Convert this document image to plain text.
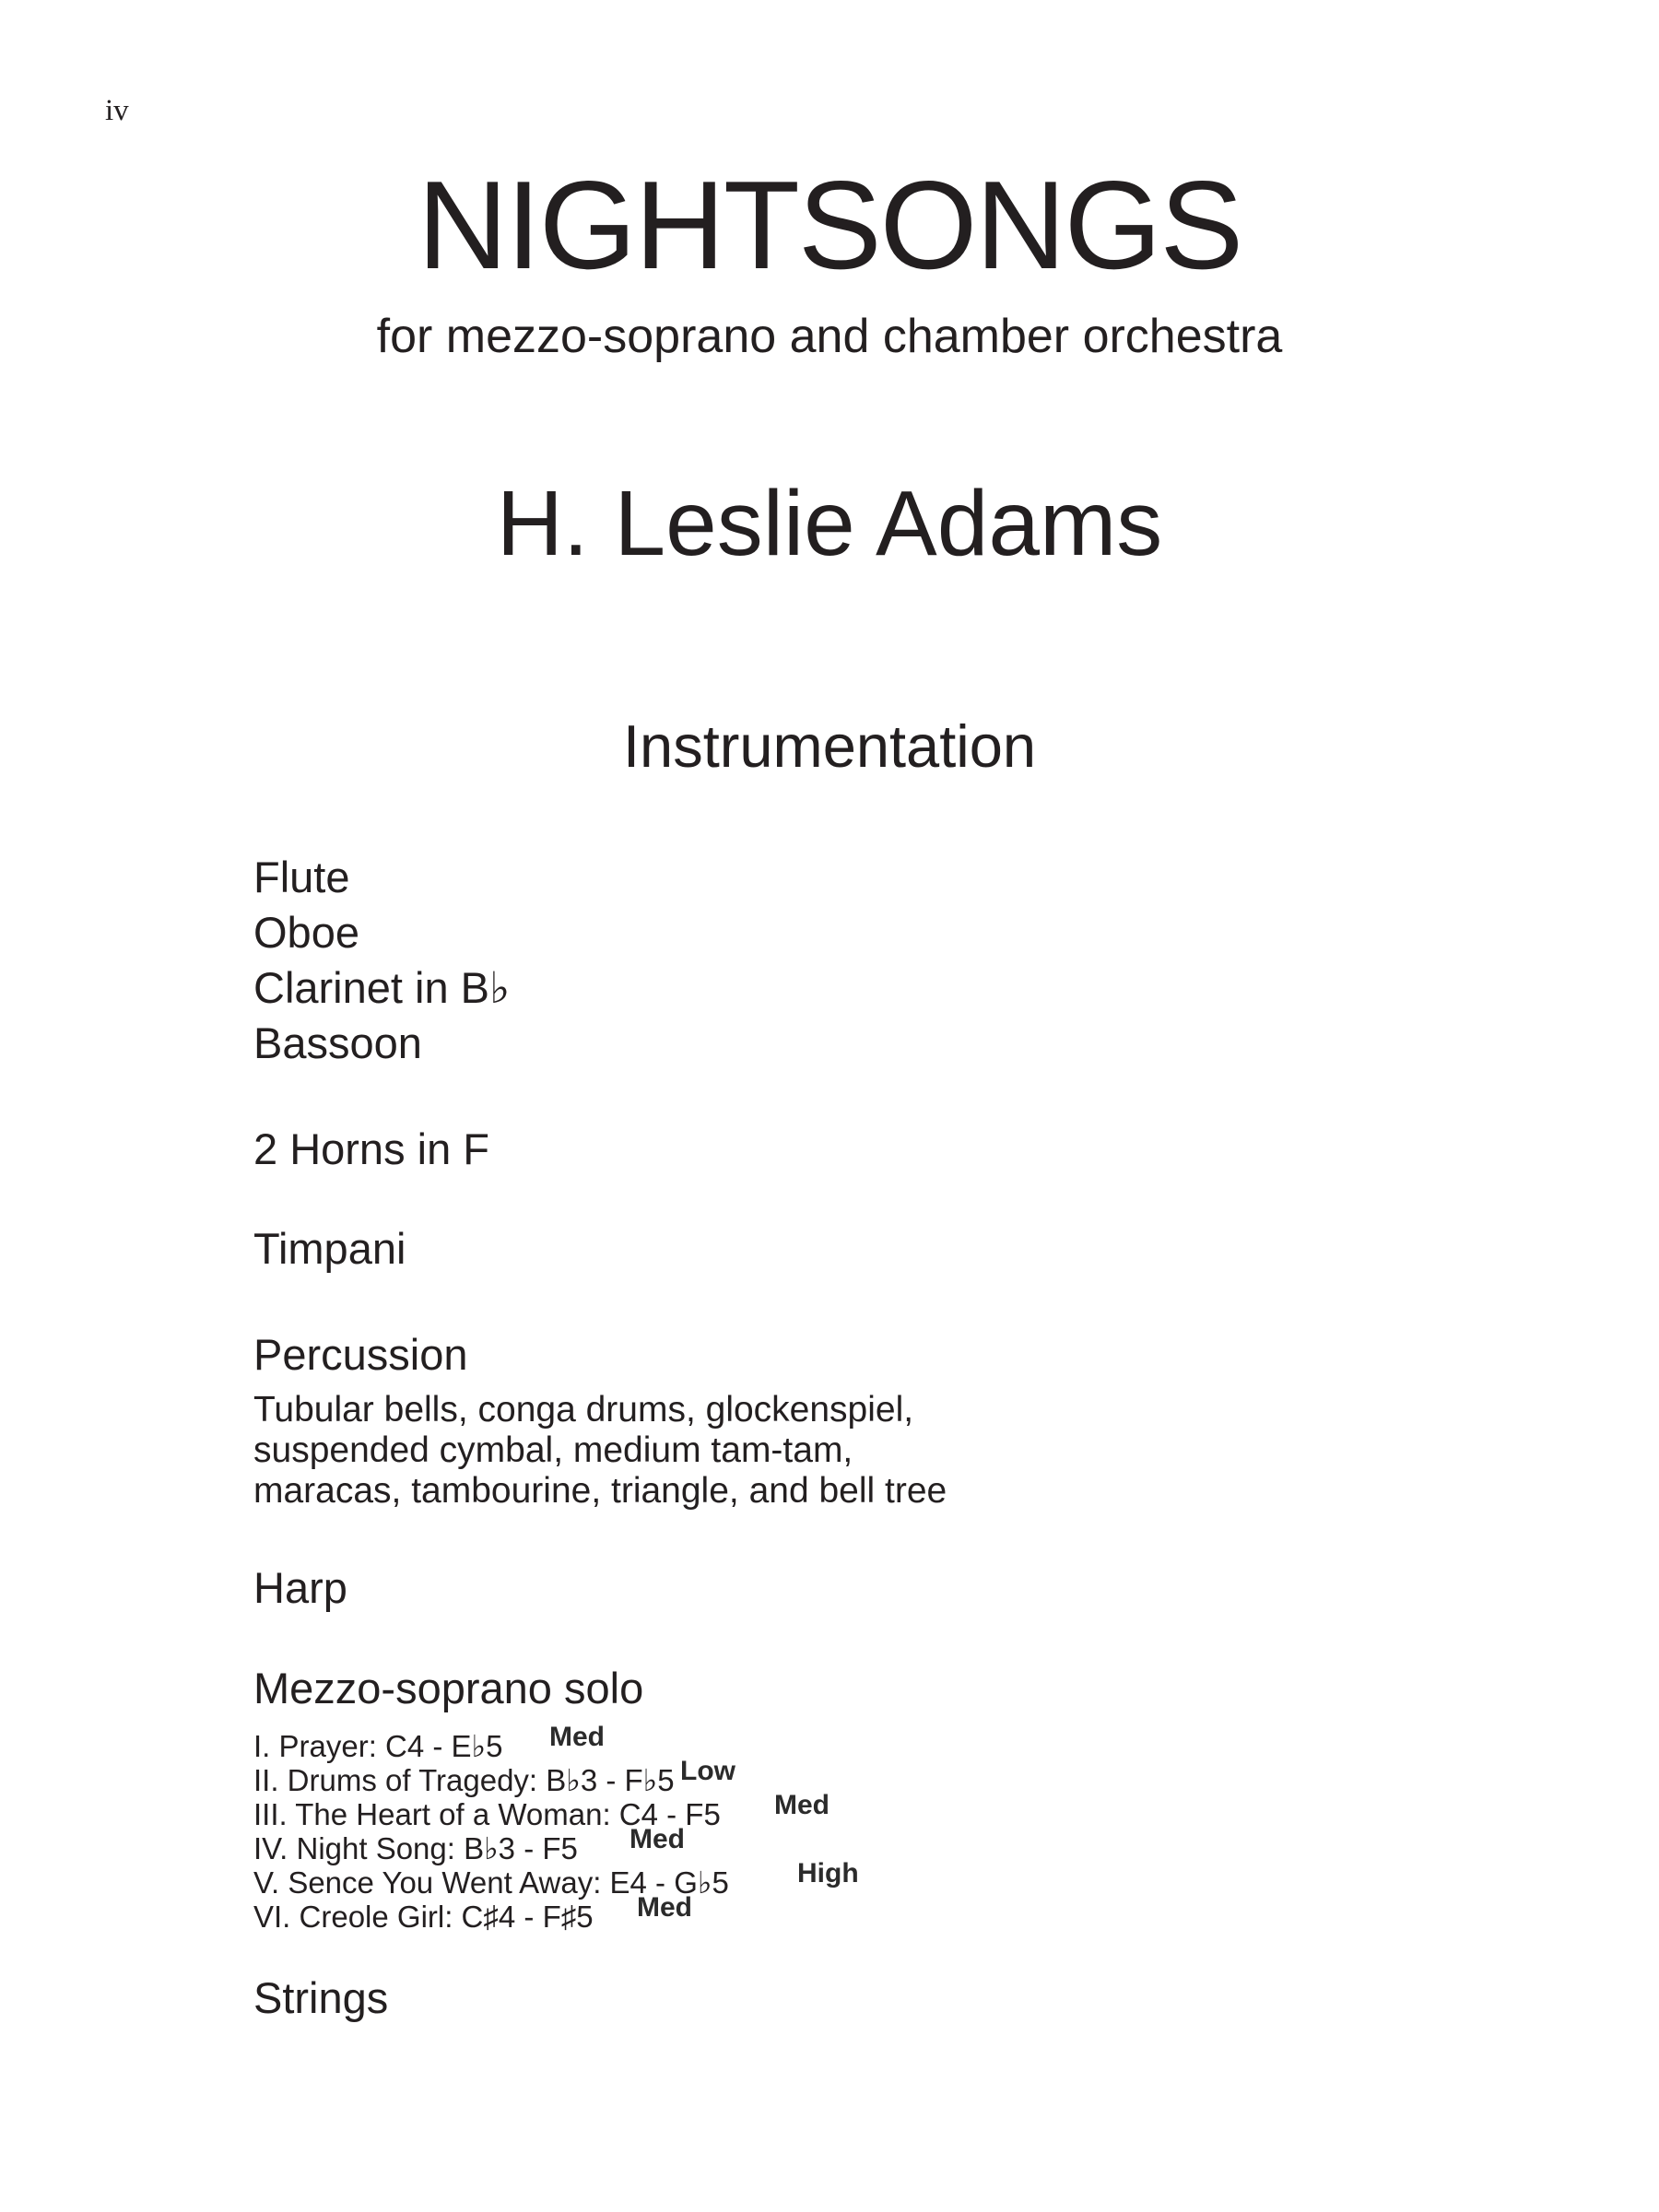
iv
NIGHTSONGS
for mezzo-soprano and chamber orchestra
H. Leslie Adams
Instrumentation
Flute
Oboe
Clarinet in B♭
Bassoon
2 Horns in F
Timpani
Percussion
Tubular bells, conga drums, glockenspiel,
suspended cymbal, medium tam-tam,
maracas, tambourine, triangle, and bell tree
Harp
Mezzo-soprano solo
I. Prayer: C4 - E♭5 Med
II. Drums of Tragedy: B♭3 - F♭5 Low
III. The Heart of a Woman: C4 - F5 Med
IV. Night Song: B♭3 - F5 Med
V. Sence You Went Away: E4 - G♭5 High
VI. Creole Girl: C♯4 - F♯5 Med
Strings
